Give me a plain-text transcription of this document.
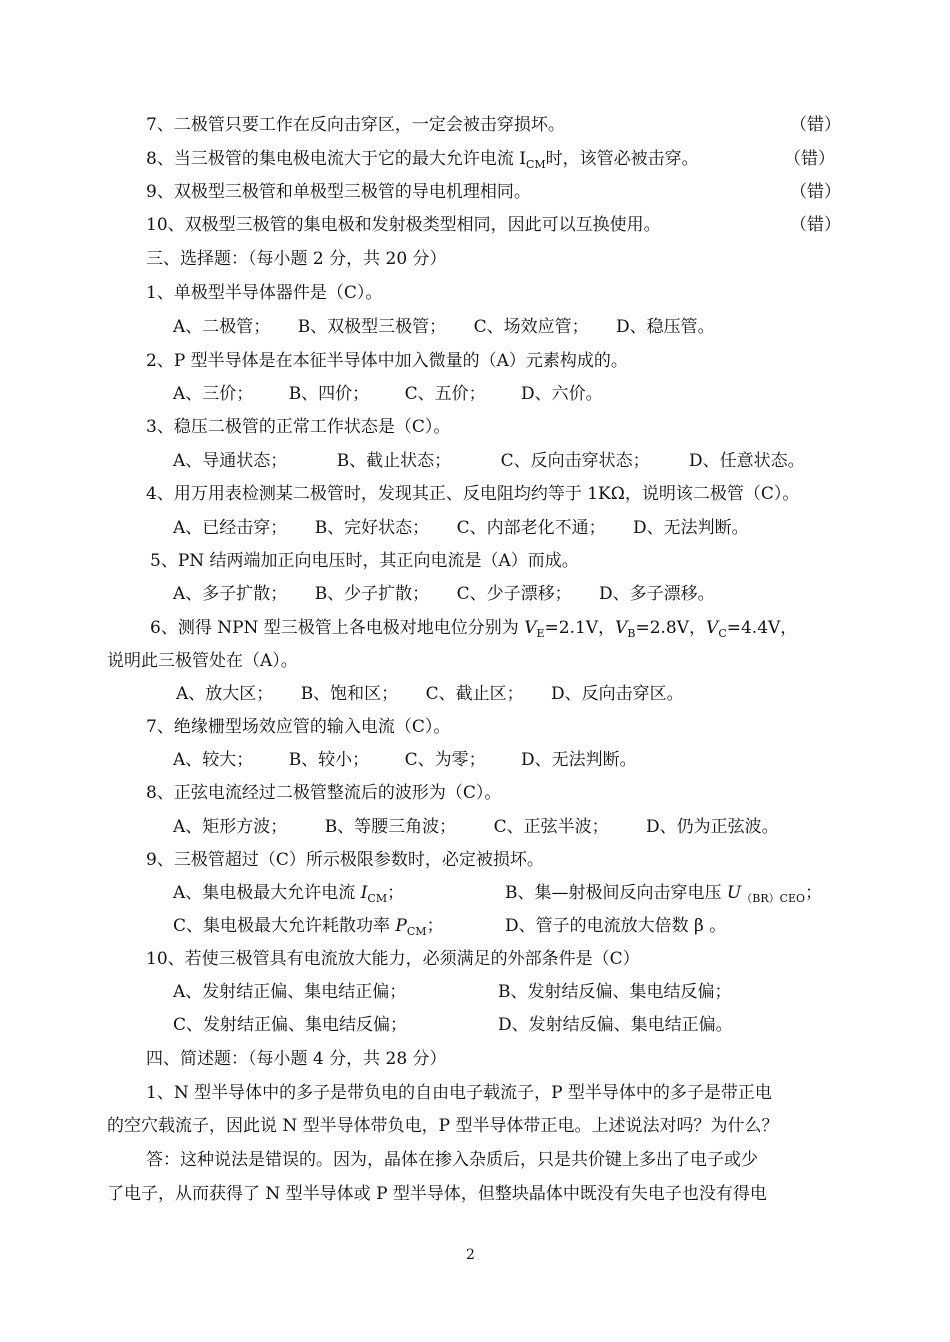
7、二极管只要工作在反向击穿区，一定会被击穿损坏。	（错）
8、当三极管的集电极电流大于它的最大允许电流 $I_{CM}$时，该管必被击穿。	（错）
9、双极型三极管和单极型三极管的导电机理相同。	（错）
10、双极型三极管的集电极和发射极类型相同，因此可以互换使用。	（错）
三、选择题：（每小题 2 分，共 20 分）
1、单极型半导体器件是（C）。
A、二极管； B、双极型三极管； C、场效应管； D、稳压管。
2、P 型半导体是在本征半导体中加入微量的（A）元素构成的。
A、三价； B、四价； C、五价； D、六价。
3、稳压二极管的正常工作状态是（C）。
A、导通状态；	B、截止状态；	C、反向击穿状态； D、任意状态。
4、用万用表检测某二极管时，发现其正、反电阻均约等于 1KΩ，说明该二极管（C）。
A、已经击穿； B、完好状态； C、内部老化不通； D、无法判断。
5、PN 结两端加正向电压时，其正向电流是（A）而成。
A、多子扩散； B、少子扩散； C、少子漂移； D、多子漂移。
6、测得 NPN 型三极管上各电极对地电位分别为 $V_E=2.1V$，$V_B=2.8V$，$V_C=4.4V$，
说明此三极管处在（A）。
A、放大区； B、饱和区； C、截止区； D、反向击穿区。
7、绝缘栅型场效应管的输入电流（C）。
A、较大； B、较小； C、为零； D、无法判断。
8、正弦电流经过二极管整流后的波形为（C）。
A、矩形方波； B、等腰三角波； C、正弦半波； D、仍为正弦波。
9、三极管超过（C）所示极限参数时，必定被损坏。
A、集电极最大允许电流 $I_{CM}$；	B、集—射极间反向击穿电压 $U_{(BR)CEO}$；
C、集电极最大允许耗散功率 $P_{CM}$；	D、管子的电流放大倍数 β 。
10、若使三极管具有电流放大能力，必须满足的外部条件是（C）
A、发射结正偏、集电结正偏；	B、发射结反偏、集电结反偏；
C、发射结正偏、集电结反偏；	D、发射结反偏、集电结正偏。
四、简述题：（每小题 4 分，共 28 分）
1、N 型半导体中的多子是带负电的自由电子载流子，P 型半导体中的多子是带正电
的空穴载流子，因此说 N 型半导体带负电，P 型半导体带正电。上述说法对吗？为什么？
答：这种说法是错误的。因为，晶体在掺入杂质后，只是共价键上多出了电子或少
了电子，从而获得了 N 型半导体或 P 型半导体，但整块晶体中既没有失电子也没有得电
2
